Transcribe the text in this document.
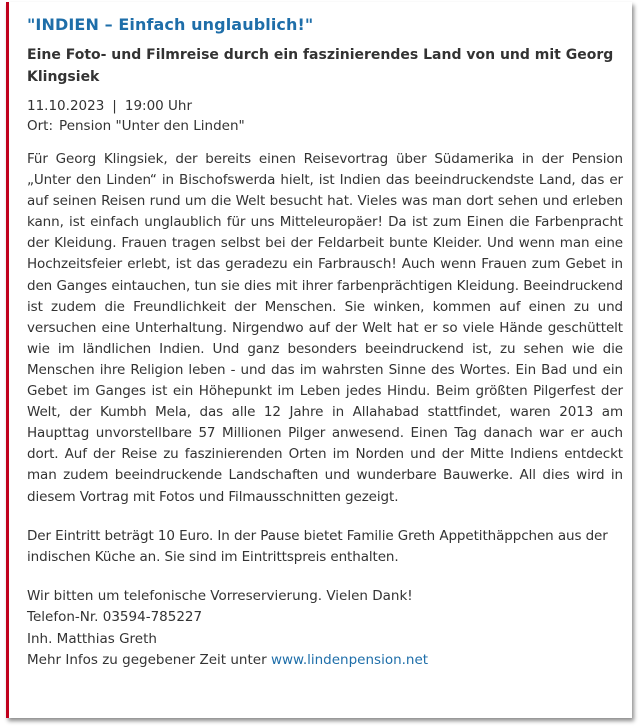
"INDIEN – Einfach unglaublich!"
Eine Foto- und Filmreise durch ein faszinierendes Land von und mit Georg Klingsiek
11.10.2023 | 19:00 Uhr
Ort: Pension "Unter den Linden"

Für Georg Klingsiek, der bereits einen Reisevortrag über Südamerika in der Pension „Unter den Linden“ in Bischofswerda hielt, ist Indien das beeindruckendste Land, das er auf seinen Reisen rund um die Welt besucht hat. Vieles was man dort sehen und erleben kann, ist einfach unglaublich für uns Mitteleuropäer! Da ist zum Einen die Farbenpracht der Kleidung. Frauen tragen selbst bei der Feldarbeit bunte Kleider. Und wenn man eine Hochzeitsfeier erlebt, ist das geradezu ein Farbrausch! Auch wenn Frauen zum Gebet in den Ganges eintauchen, tun sie dies mit ihrer farbenprächtigen Kleidung. Beeindruckend ist zudem die Freundlichkeit der Menschen. Sie winken, kommen auf einen zu und versuchen eine Unterhaltung. Nirgendwo auf der Welt hat er so viele Hände geschüttelt wie im ländlichen Indien. Und ganz besonders beeindruckend ist, zu sehen wie die Menschen ihre Religion leben - und das im wahrsten Sinne des Wortes. Ein Bad und ein Gebet im Ganges ist ein Höhepunkt im Leben jedes Hindu. Beim größten Pilgerfest der Welt, der Kumbh Mela, das alle 12 Jahre in Allahabad stattfindet, waren 2013 am Haupttag unvorstellbare 57 Millionen Pilger anwesend. Einen Tag danach war er auch dort. Auf der Reise zu faszinierenden Orten im Norden und der Mitte Indiens entdeckt man zudem beeindruckende Landschaften und wunderbare Bauwerke. All dies wird in diesem Vortrag mit Fotos und Filmausschnitten gezeigt.

Der Eintritt beträgt 10 Euro. In der Pause bietet Familie Greth Appetithäppchen aus der indischen Küche an. Sie sind im Eintrittspreis enthalten.

Wir bitten um telefonische Vorreservierung. Vielen Dank!
Telefon-Nr. 03594-785227
Inh. Matthias Greth
Mehr Infos zu gegebener Zeit unter www.lindenpension.net
